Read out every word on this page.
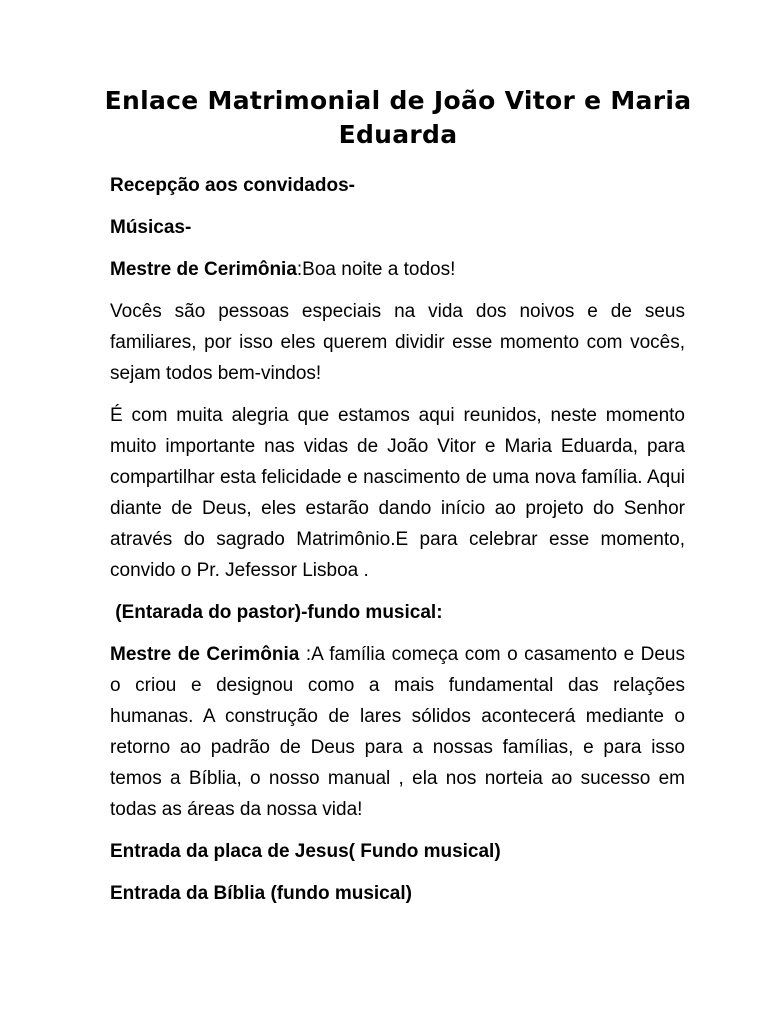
Enlace Matrimonial de João Vitor e Maria Eduarda

Recepção aos convidados-

Músicas-

Mestre de Cerimônia:Boa noite a todos!

Vocês são pessoas especiais na vida dos noivos e de seus familiares, por isso eles querem dividir esse momento com vocês, sejam todos bem-vindos!

É com muita alegria que estamos aqui reunidos, neste momento muito importante nas vidas de João Vitor e Maria Eduarda, para compartilhar esta felicidade e nascimento de uma nova família. Aqui diante de Deus, eles estarão dando início ao projeto do Senhor através do sagrado Matrimônio.E para celebrar esse momento, convido o Pr. Jefessor Lisboa .

(Entarada do pastor)-fundo musical:

Mestre de Cerimônia :A família começa com o casamento e Deus o criou e designou como a mais fundamental das relações humanas. A construção de lares sólidos acontecerá mediante o retorno ao padrão de Deus para a nossas famílias, e para isso temos a Bíblia, o nosso manual , ela nos norteia ao sucesso em todas as áreas da nossa vida!

Entrada da placa de Jesus( Fundo musical)

Entrada da Bíblia (fundo musical)
